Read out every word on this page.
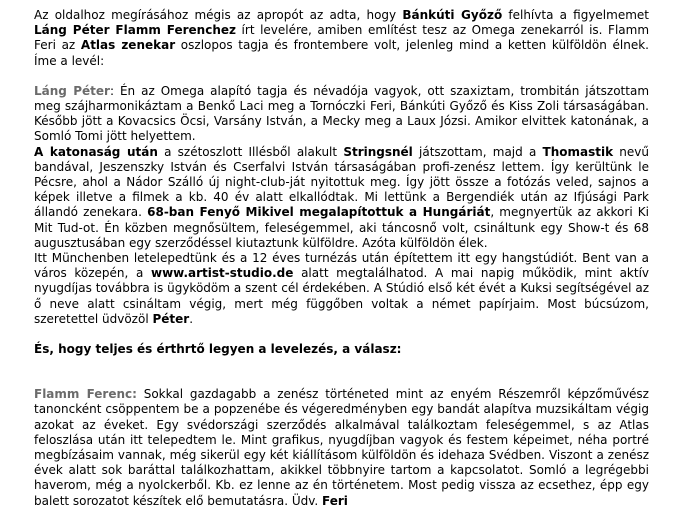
Az oldalhoz megírásához mégis az apropót az adta, hogy Bánkúti Győző felhívta a figyelmemet Láng Péter Flamm Ferenchez írt levelére, amiben említést tesz az Omega zenekarról is. Flamm Feri az Atlas zenekar oszlopos tagja és frontembere volt, jelenleg mind a ketten külföldön élnek. Íme a levél:

Láng Péter: Én az Omega alapító tagja és névadója vagyok, ott szaxiztam, trombitán játszottam meg szájharmonikáztam a Benkő Laci meg a Tornóczki Feri, Bánkúti Győző és Kiss Zoli társaságában. Később jött a Kovacsics Öcsi, Varsány István, a Mecky meg a Laux Józsi. Amikor elvittek katonának, a Somló Tomi jött helyettem.

A katonaság után a szétoszlott Illésből alakult Stringsnél játszottam, majd a Thomastik nevű bandával, Jeszenszky István és Cserfalvi István társaságában profi-zenész lettem. Így kerültünk le Pécsre, ahol a Nádor Szálló új night-club-ját nyitottuk meg. Így jött össze a fotózás veled, sajnos a képek illetve a filmek a kb. 40 év alatt elkallódtak. Mi lettünk a Bergendiék után az Ifjúsági Park állandó zenekara. 68-ban Fenyő Mikivel megalapítottuk a Hungáriát, megnyertük az akkori Ki Mit Tud-ot. Én közben megnősültem, feleségemmel, aki táncosnő volt, csináltunk egy Show-t és 68 augusztusában egy szerződéssel kiutaztunk külföldre. Azóta külföldön élek.

Itt Münchenben letelepedtünk és a 12 éves turnézás után építettem itt egy hangstúdiót. Bent van a város közepén, a www.artist-studio.de alatt megtalálhatod. A mai napig működik, mint aktív nyugdíjas továbbra is ügyködöm a szent cél érdekében. A Stúdió első két évét a Kuksi segítségével az ő neve alatt csináltam végig, mert még függőben voltak a német papírjaim. Most búcsúzom, szeretettel üdvözöl Péter.

És, hogy teljes és érthrtő legyen a levelezés, a válasz:

Flamm Ferenc: Sokkal gazdagabb a zenész történeted mint az enyém Részemről képzőművész tanoncként csöppentem be a popzenébe és végeredményben egy bandát alapítva muzsikáltam végig azokat az éveket. Egy svédországi szerződés alkalmával találkoztam feleségemmel, s az Atlas feloszlása után itt telepedtem le. Mint grafikus, nyugdíjban vagyok és festem képeimet, néha portré megbízásaim vannak, még sikerül egy két kiállításom külföldön és idehaza Svédben. Viszont a zenész évek alatt sok baráttal találkozhattam, akikkel többnyire tartom a kapcsolatot. Somló a legrégebbi haverom, még a nyolckerből. Kb. ez lenne az én történetem. Most pedig vissza az ecsethez, épp egy balett sorozatot készítek elő bemutatásra. Üdv. Feri
